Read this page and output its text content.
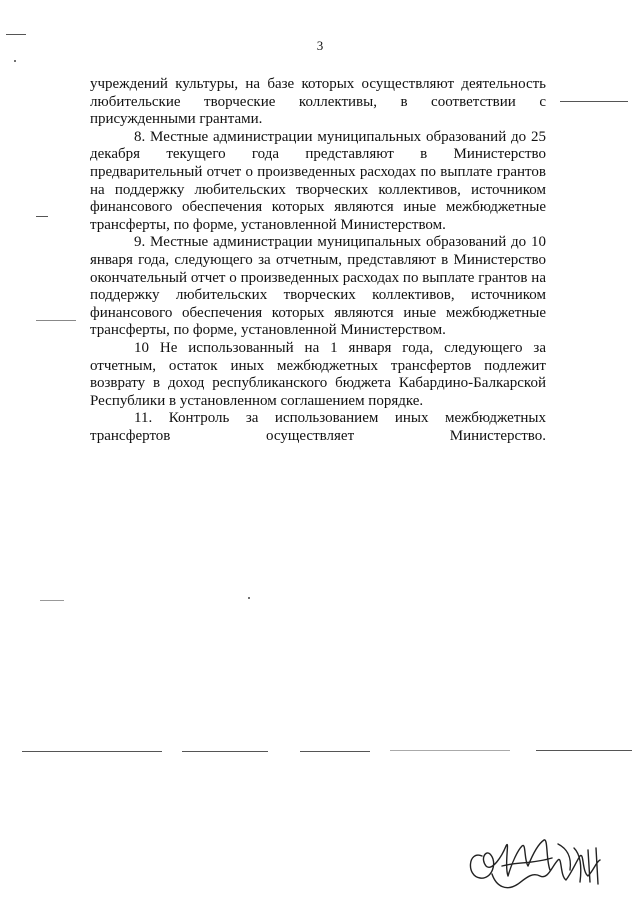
3

учреждений культуры, на базе которых осуществляют деятельность любительские творческие коллективы, в соответствии с присужденными грантами.

8. Местные администрации муниципальных образований до 25 декабря текущего года представляют в Министерство предварительный отчет о произведенных расходах по выплате грантов на поддержку любительских творческих коллективов, источником финансового обеспечения которых являются иные межбюджетные трансферты, по форме, установленной Министерством.

9. Местные администрации муниципальных образований до 10 января года, следующего за отчетным, представляют в Министерство окончательный отчет о произведенных расходах по выплате грантов на поддержку любительских творческих коллективов, источником финансового обеспечения которых являются иные межбюджетные трансферты, по форме, установленной Министерством.

10 Не использованный на 1 января года, следующего за отчетным, остаток иных межбюджетных трансфертов подлежит возврату в доход республиканского бюджета Кабардино-Балкарской Республики в установленном соглашением порядке.

11. Контроль за использованием иных межбюджетных трансфертов осуществляет Министерство.
